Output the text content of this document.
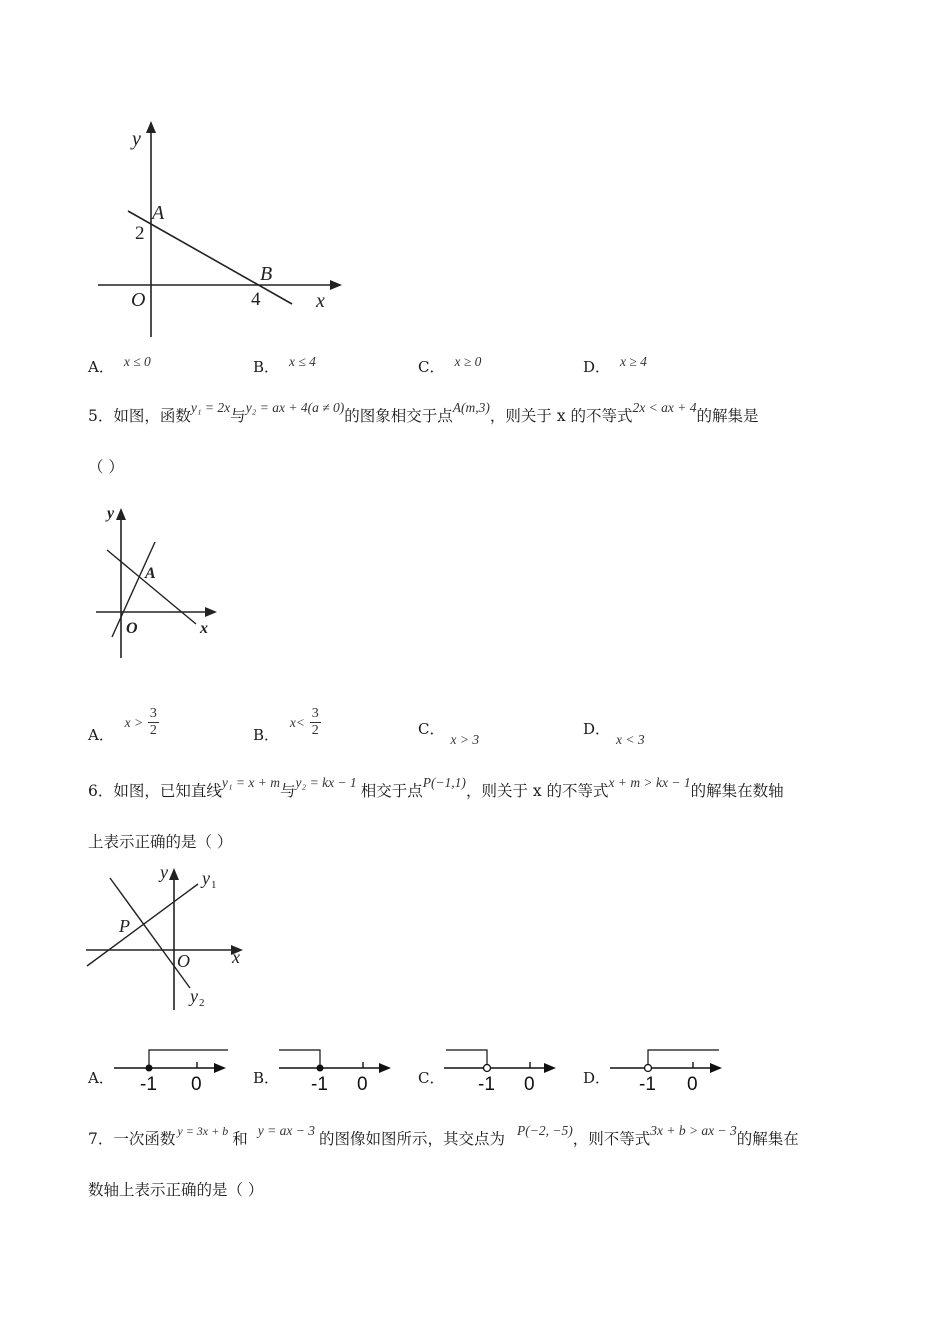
y
x
O
A
B
2
4
A． x ≤ 0	B． x ≤ 4	C． x ≥ 0	D． x ≥ 4
5．如图，函数y₁ = 2x与y₂ = ax + 4(a ≠ 0)的图象相交于点A(m,3)，则关于 x 的不等式2x < ax + 4的解集是
（ ）
y
x
O
A
A． $x > \frac{3}{2}$	B． $x< \frac{3}{2}$	C．x > 3
D．x < 3
6．如图，已知直线y₁ = x + m与y₂ = kx − 1 相交于点P(−1,1)，则关于 x 的不等式x + m > kx − 1的解集在数轴
上表示正确的是（ ）
y
x
O
P
y 1
y 2
A． -1 0	B． -1 0	C． -1 0	D． -1 0
7．一次函数 $^{y = 3x + b}$ 和 y = ax − 3 的图像如图所示，其交点为 P(−2, −5)，则不等式3x + b > ax − 3的解集在
数轴上表示正确的是（ ）
